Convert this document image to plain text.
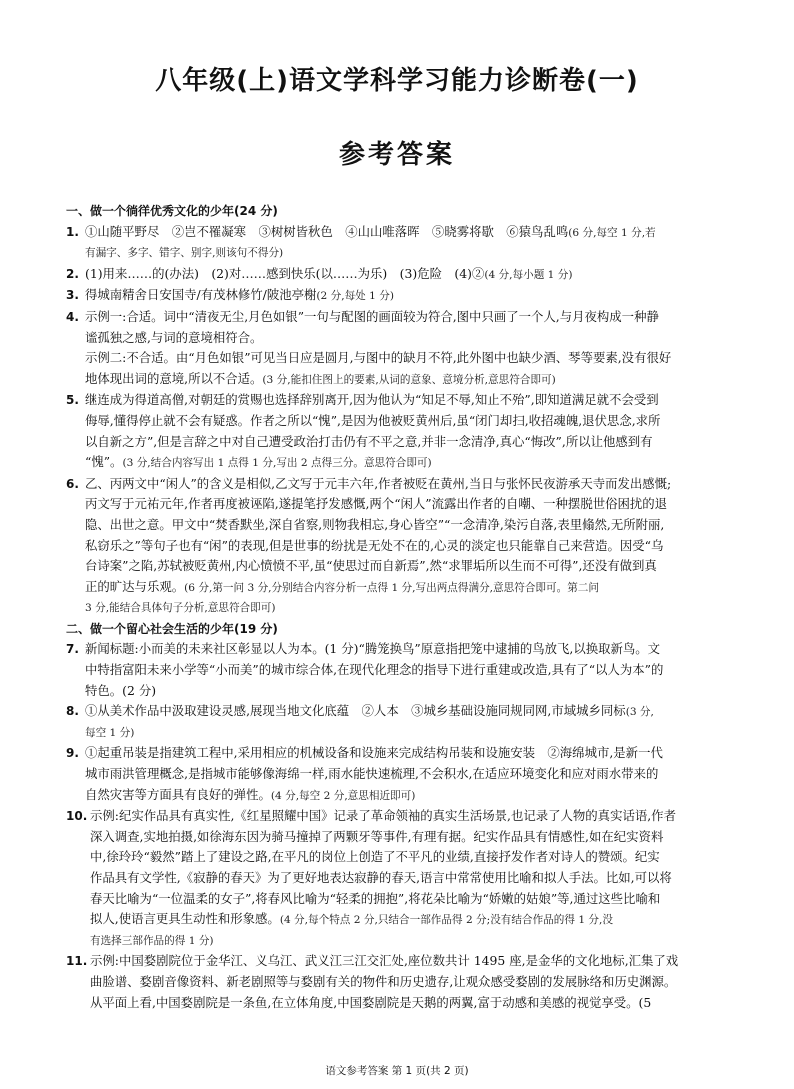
八年级(上)语文学科学习能力诊断卷(一)
参考答案
一、做一个徜徉优秀文化的少年(24 分)
1. ①山随平野尽　②岂不罹凝寒　③树树皆秋色　④山山唯落晖　⑤晓雾将歇　⑥猿鸟乱鸣(6 分,每空 1 分,若
有漏字、多字、错字、别字,则该句不得分)
2. (1)用来……的(办法)　(2)对……感到快乐(以……为乐)　(3)危险　(4)②(4 分,每小题 1 分)
3. 得城南精舍日安国寺/有茂林修竹/陂池亭榭(2 分,每处 1 分)
4. 示例一:合适。词中“清夜无尘,月色如银”一句与配图的画面较为符合,图中只画了一个人,与月夜构成一种静
谧孤独之感,与词的意境相符合。
示例二:不合适。由“月色如银”可见当日应是圆月,与图中的缺月不符,此外图中也缺少酒、琴等要素,没有很好
地体现出词的意境,所以不合适。(3 分,能扣住图上的要素,从词的意象、意境分析,意思符合即可)
5. 继连成为得道高僧,对朝廷的赏赐也选择辞别离开,因为他认为“知足不辱,知止不殆”,即知道满足就不会受到
侮辱,懂得停止就不会有疑惑。作者之所以“愧”,是因为他被贬黄州后,虽“闭门却扫,收招魂魄,退伏思念,求所
以自新之方”,但是言辞之中对自己遭受政治打击仍有不平之意,并非一念清净,真心“悔改”,所以让他感到有
“愧”。(3 分,结合内容写出 1 点得 1 分,写出 2 点得三分。意思符合即可)
6. 乙、丙两文中“闲人”的含义是相似,乙文写于元丰六年,作者被贬在黄州,当日与张怀民夜游承天寺而发出感慨;
丙文写于元祐元年,作者再度被诬陷,遂提笔抒发感慨,两个“闲人”流露出作者的自嘲、一种摆脱世俗困扰的退
隐、出世之意。甲文中“焚香默坐,深自省察,则物我相忘,身心皆空”“一念清净,染污自落,表里翛然,无所附丽,
私窃乐之”等句子也有“闲”的表现,但是世事的纷扰是无处不在的,心灵的淡定也只能靠自己来营造。因受“乌
台诗案”之陷,苏轼被贬黄州,内心愤愤不平,虽“使思过而自新焉”,然“求罪垢所以生而不可得”,还没有做到真
正的旷达与乐观。(6 分,第一问 3 分,分别结合内容分析一点得 1 分,写出两点得满分,意思符合即可。第二问
3 分,能结合具体句子分析,意思符合即可)
二、做一个留心社会生活的少年(19 分)
7. 新闻标题:小而美的未来社区彰显以人为本。(1 分)“腾笼换鸟”原意指把笼中逮捕的鸟放飞,以换取新鸟。文
中特指富阳未来小学等“小而美”的城市综合体,在现代化理念的指导下进行重建或改造,具有了“以人为本”的
特色。(2 分)
8. ①从美术作品中汲取建设灵感,展现当地文化底蕴　②人本　③城乡基础设施同规同网,市域城乡同标(3 分,
每空 1 分)
9. ①起重吊装是指建筑工程中,采用相应的机械设备和设施来完成结构吊装和设施安装　②海绵城市,是新一代
城市雨洪管理概念,是指城市能够像海绵一样,雨水能快速梳理,不会积水,在适应环境变化和应对雨水带来的
自然灾害等方面具有良好的弹性。(4 分,每空 2 分,意思相近即可)
10. 示例:纪实作品具有真实性,《红星照耀中国》记录了革命领袖的真实生活场景,也记录了人物的真实话语,作者
深入调查,实地拍摄,如徐海东因为骑马撞掉了两颗牙等事件,有理有据。纪实作品具有情感性,如在纪实资料
中,徐玲玲“毅然”踏上了建设之路,在平凡的岗位上创造了不平凡的业绩,直接抒发作者对诗人的赞颂。纪实
作品具有文学性,《寂静的春天》为了更好地表达寂静的春天,语言中常常使用比喻和拟人手法。比如,可以将
春天比喻为“一位温柔的女子”,将春风比喻为“轻柔的拥抱”,将花朵比喻为“娇嫩的姑娘”等,通过这些比喻和
拟人,使语言更具生动性和形象感。(4 分,每个特点 2 分,只结合一部作品得 2 分;没有结合作品的得 1 分,没
有选择三部作品的得 1 分)
11. 示例:中国婺剧院位于金华江、义乌江、武义江三江交汇处,座位数共计 1495 座,是金华的文化地标,汇集了戏
曲脸谱、婺剧音像资料、新老剧照等与婺剧有关的物件和历史遗存,让观众感受婺剧的发展脉络和历史渊源。
从平面上看,中国婺剧院是一条鱼,在立体角度,中国婺剧院是天鹅的两翼,富于动感和美感的视觉享受。(5
语文参考答案 第 1 页(共 2 页)
